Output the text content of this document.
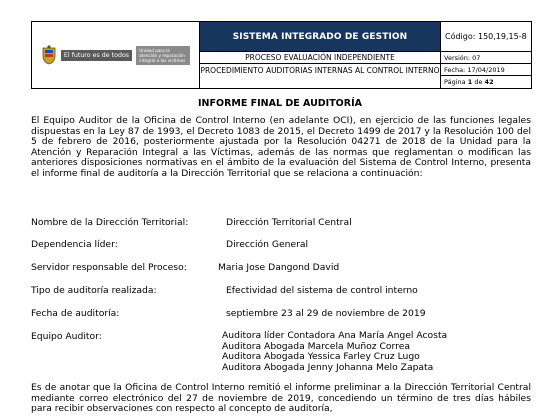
El futuro es de todos
Unidad para la atención y reparación integral a las víctimas
SISTEMA INTEGRADO DE GESTION	Código: 150,19,15-8
PROCESO EVALUACIÓN INDEPENDIENTE
PROCEDIMIENTO AUDITORIAS INTERNAS AL CONTROL INTERNO
Versión: 07
Fecha: 17/04/2019
Página 1 de 42
INFORME FINAL DE AUDITORÍA
El Equipo Auditor de la Oficina de Control Interno (en adelante OCI), en ejercicio de las funciones legales dispuestas en la Ley 87 de 1993, el Decreto 1083 de 2015, el Decreto 1499 de 2017 y la Resolución 100 del 5 de febrero de 2016, posteriormente ajustada por la Resolución 04271 de 2018 de la Unidad para la Atención y Reparación Integral a las Víctimas, además de las normas que reglamentan o modifican las anteriores disposiciones normativas en el ámbito de la evaluación del Sistema de Control Interno, presenta el informe final de auditoría a la Dirección Territorial que se relaciona a continuación:
Nombre de la Dirección Territorial:	Dirección Territorial Central
Dependencia líder:	Dirección General
Servidor responsable del Proceso:	Maria Jose Dangond David
Tipo de auditoría realizada:	Efectividad del sistema de control interno
Fecha de auditoría:	septiembre 23 al 29 de noviembre de 2019
Equipo Auditor:	Auditora líder Contadora Ana María Angel Acosta
Auditora Abogada Marcela Muñoz Correa
Auditora Abogada Yessica Farley Cruz Lugo
Auditora Abogada Jenny Johanna Melo Zapata
Es de anotar que la Oficina de Control Interno remitió el informe preliminar a la Dirección Territorial Central mediante correo electrónico del 27 de noviembre de 2019, concediendo un término de tres días hábiles para recibir observaciones con respecto al concepto de auditoría,
